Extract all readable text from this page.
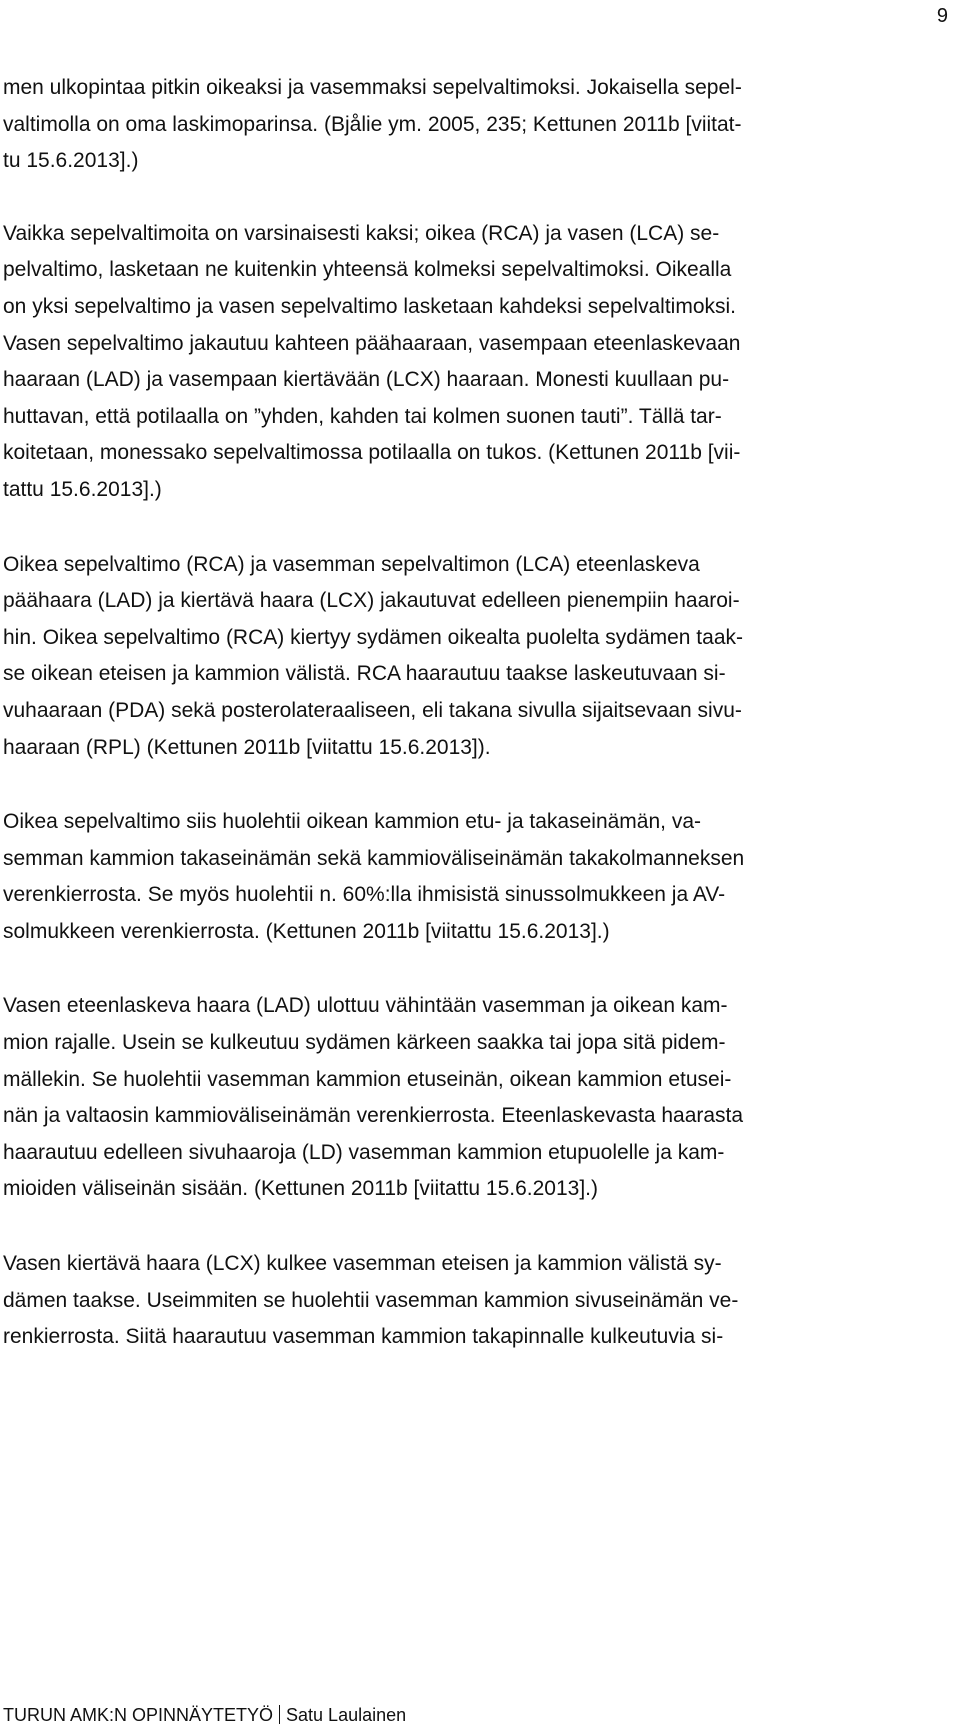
9

men ulkopintaa pitkin oikeaksi ja vasemmaksi sepelvaltimoksi. Jokaisella sepel-
valtimolla on oma laskimoparinsa. (Bjålie ym. 2005, 235; Kettunen 2011b [viitat-
tu 15.6.2013].)

Vaikka sepelvaltimoita on varsinaisesti kaksi; oikea (RCA) ja vasen (LCA) se-
pelvaltimo, lasketaan ne kuitenkin yhteensä kolmeksi sepelvaltimoksi. Oikealla
on yksi sepelvaltimo ja vasen sepelvaltimo lasketaan kahdeksi sepelvaltimoksi.
Vasen sepelvaltimo jakautuu kahteen päähaaraan, vasempaan eteenlaskevaan
haaraan (LAD) ja vasempaan kiertävään (LCX) haaraan. Monesti kuullaan pu-
huttavan, että potilaalla on ”yhden, kahden tai kolmen suonen tauti”. Tällä tar-
koitetaan, monessako sepelvaltimossa potilaalla on tukos. (Kettunen 2011b [vii-
tattu 15.6.2013].)

Oikea sepelvaltimo (RCA) ja vasemman sepelvaltimon (LCA) eteenlaskeva
päähaara (LAD) ja kiertävä haara (LCX) jakautuvat edelleen pienempiin haaroi-
hin. Oikea sepelvaltimo (RCA) kiertyy sydämen oikealta puolelta sydämen taak-
se oikean eteisen ja kammion välistä. RCA haarautuu taakse laskeutuvaan si-
vuhaaraan (PDA) sekä posterolateraaliseen, eli takana sivulla sijaitsevaan sivu-
haaraan (RPL) (Kettunen 2011b [viitattu 15.6.2013]).

Oikea sepelvaltimo siis huolehtii oikean kammion etu- ja takaseinämän, va-
semman kammion takaseinämän sekä kammioväliseinämän takakolmanneksen
verenkierrosta. Se myös huolehtii n. 60%:lla ihmisistä sinussolmukkeen ja AV-
solmukkeen verenkierrosta. (Kettunen 2011b [viitattu 15.6.2013].)

Vasen eteenlaskeva haara (LAD) ulottuu vähintään vasemman ja oikean kam-
mion rajalle. Usein se kulkeutuu sydämen kärkeen saakka tai jopa sitä pidem-
mällekin. Se huolehtii vasemman kammion etuseinän, oikean kammion etusei-
nän ja valtaosin kammioväliseinämän verenkierrosta. Eteenlaskevasta haarasta
haarautuu edelleen sivuhaaroja (LD) vasemman kammion etupuolelle ja kam-
mioiden väliseinän sisään. (Kettunen 2011b [viitattu 15.6.2013].)

Vasen kiertävä haara (LCX) kulkee vasemman eteisen ja kammion välistä sy-
dämen taakse. Useimmiten se huolehtii vasemman kammion sivuseinämän ve-
renkierrosta. Siitä haarautuu vasemman kammion takapinnalle kulkeutuvia si-

TURUN AMK:N OPINNÄYTETYÖ Satu Laulainen
